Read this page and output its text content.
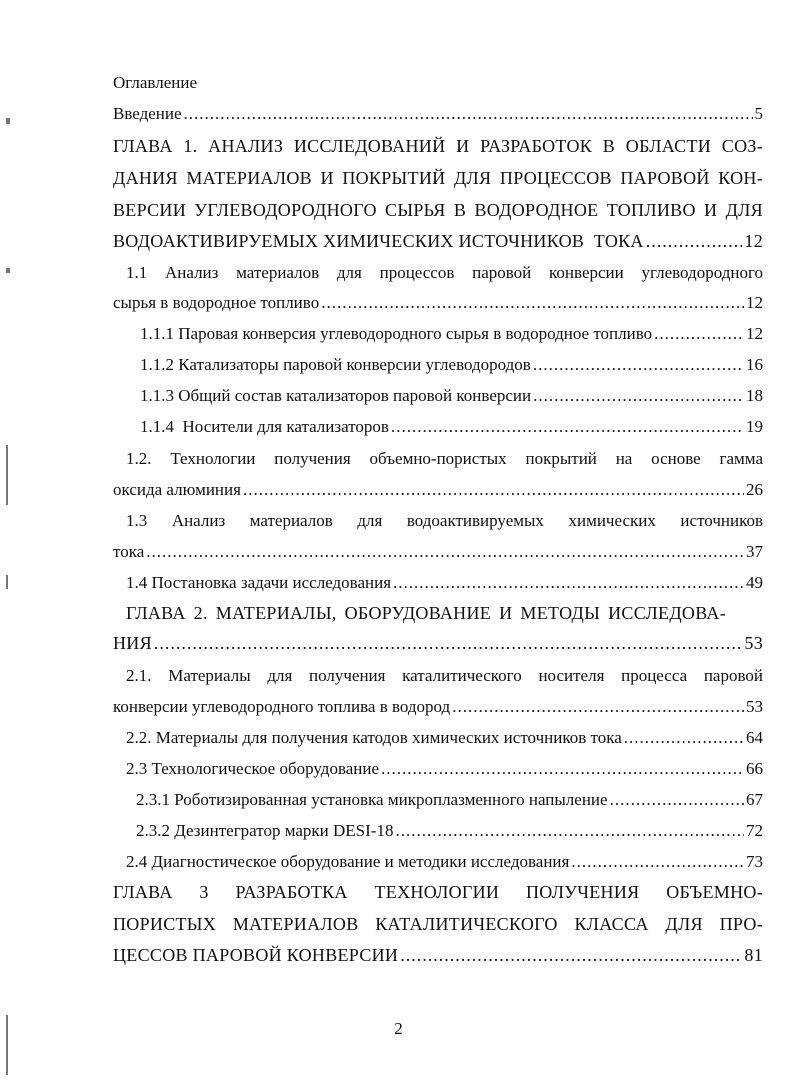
Оглавление
Введение .....	5
ГЛАВА 1. АНАЛИЗ ИССЛЕДОВАНИЙ И РАЗРАБОТОК В ОБЛАСТИ СОЗ-
ДАНИЯ МАТЕРИАЛОВ И ПОКРЫТИЙ ДЛЯ ПРОЦЕССОВ ПАРОВОЙ КОН-
ВЕРСИИ УГЛЕВОДОРОДНОГО СЫРЬЯ В ВОДОРОДНОЕ ТОПЛИВО И ДЛЯ
ВОДОАКТИВИРУЕМЫХ ХИМИЧЕСКИХ ИСТОЧНИКОВ  ТОКА .....	12
1.1 Анализ материалов для процессов паровой конверсии углеводородного
сырья в водородное топливо .....	12
1.1.1 Паровая конверсия углеводородного сырья в водородное топливо .....	12
1.1.2 Катализаторы паровой конверсии углеводородов .....	16
1.1.3 Общий состав катализаторов паровой конверсии .....	18
1.1.4  Носители для катализаторов .....	19
1.2. Технологии получения объемно-пористых покрытий на основе гамма
оксида алюминия .....	26
1.3 Анализ материалов для водоактивируемых химических источников
тока .....	37
1.4 Постановка задачи исследования .....	49
ГЛАВА 2. МАТЕРИАЛЫ, ОБОРУДОВАНИЕ И МЕТОДЫ ИССЛЕДОВА-
НИЯ .....	53
2.1. Материалы для получения каталитического носителя процесса паровой
конверсии углеводородного топлива в водород .....	53
2.2. Материалы для получения катодов химических источников тока .....	64
2.3 Технологическое оборудование .....	66
2.3.1 Роботизированная установка микроплазменного напыление .....	67
2.3.2 Дезинтегратор марки DESI-18 .....	72
2.4 Диагностическое оборудование и методики исследования .....	73
ГЛАВА 3 РАЗРАБОТКА ТЕХНОЛОГИИ ПОЛУЧЕНИЯ ОБЪЕМНО-
ПОРИСТЫХ МАТЕРИАЛОВ КАТАЛИТИЧЕСКОГО КЛАССА ДЛЯ ПРО-
ЦЕССОВ ПАРОВОЙ КОНВЕРСИИ .....	81
2
